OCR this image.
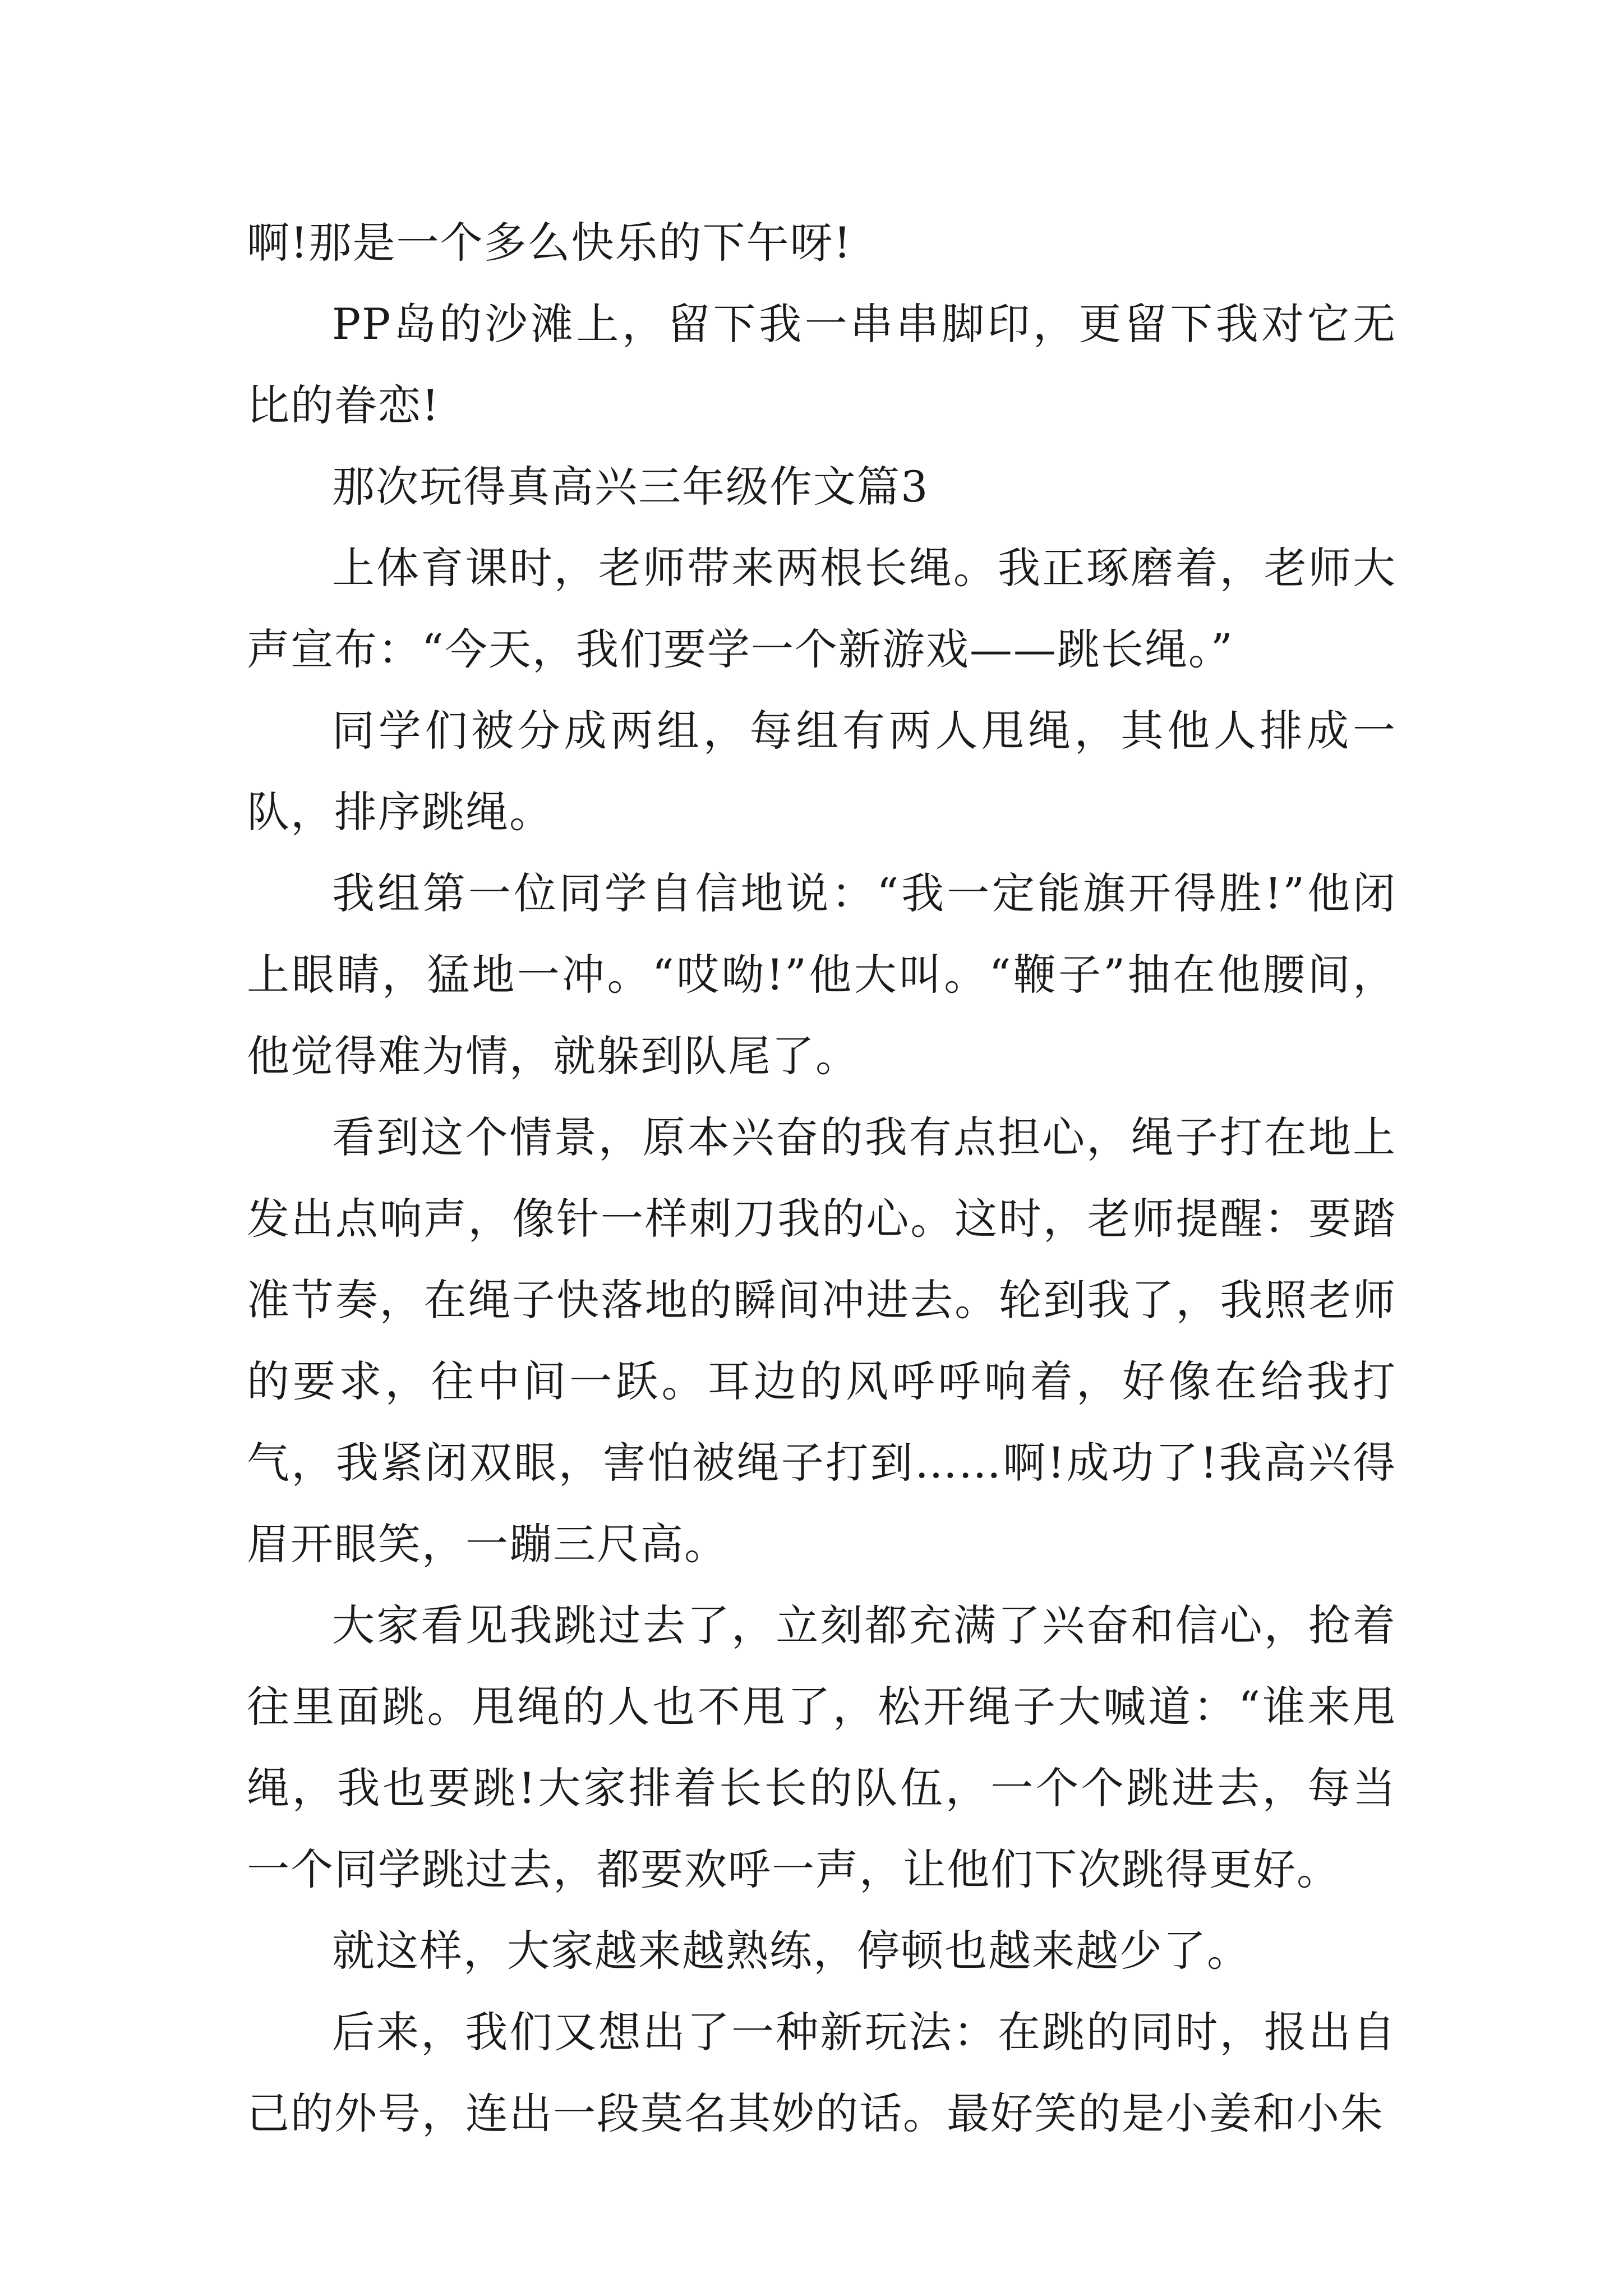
啊!那是一个多么快乐的下午呀!

PP岛的沙滩上，留下我一串串脚印，更留下我对它无比的眷恋!

那次玩得真高兴三年级作文篇3

上体育课时，老师带来两根长绳。我正琢磨着，老师大声宣布：“今天，我们要学一个新游戏——跳长绳。”

同学们被分成两组，每组有两人甩绳，其他人排成一队，排序跳绳。

我组第一位同学自信地说：“我一定能旗开得胜!”他闭上眼睛，猛地一冲。“哎呦!”他大叫。“鞭子”抽在他腰间，他觉得难为情，就躲到队尾了。

看到这个情景，原本兴奋的我有点担心，绳子打在地上发出点响声，像针一样刺刀我的心。这时，老师提醒：要踏准节奏，在绳子快落地的瞬间冲进去。轮到我了，我照老师的要求，往中间一跃。耳边的风呼呼响着，好像在给我打气，我紧闭双眼，害怕被绳子打到……啊!成功了!我高兴得眉开眼笑，一蹦三尺高。

大家看见我跳过去了，立刻都充满了兴奋和信心，抢着往里面跳。甩绳的人也不甩了，松开绳子大喊道：“谁来甩绳，我也要跳!大家排着长长的队伍，一个个跳进去，每当一个同学跳过去，都要欢呼一声，让他们下次跳得更好。

就这样，大家越来越熟练，停顿也越来越少了。

后来，我们又想出了一种新玩法：在跳的同时，报出自己的外号，连出一段莫名其妙的话。最好笑的是小姜和小朱
